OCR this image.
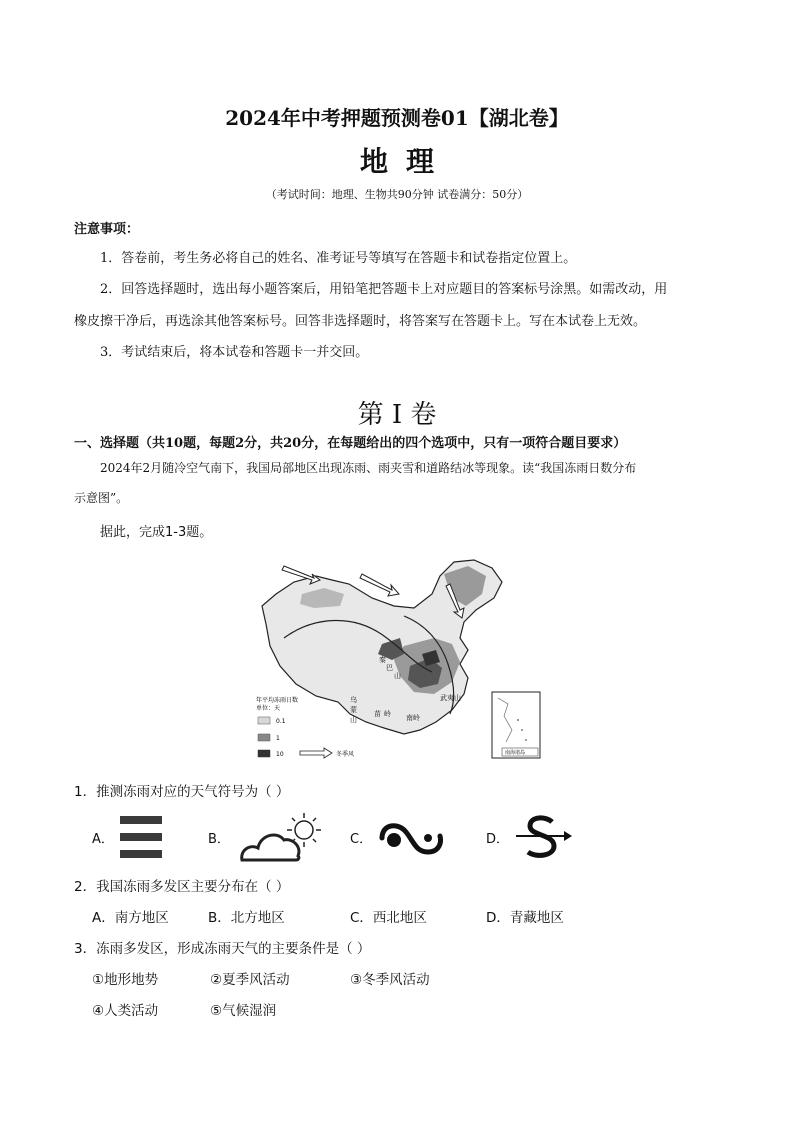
2024年中考押题预测卷01【湖北卷】
地理
（考试时间：地理、生物共90分钟 试卷满分：50分）
注意事项：
1．答卷前，考生务必将自己的姓名、准考证号等填写在答题卡和试卷指定位置上。
2．回答选择题时，选出每小题答案后，用铅笔把答题卡上对应题目的答案标号涂黑。如需改动，用
橡皮擦干净后，再选涂其他答案标号。回答非选择题时，将答案写在答题卡上。写在本试卷上无效。
3．考试结束后，将本试卷和答题卡一并交回。
第 I 卷
一、选择题（共10题，每题2分，共20分，在每题给出的四个选项中，只有一项符合题目要求）
2024年2月随冷空气南下，我国局部地区出现冻雨、雨夹雪和道路结冰等现象。读“我国冻雨日数分布
示意图”。
据此，完成1-3题。
秦
巴
山
乌
蒙
山
苗 岭 南岭
武夷山
年平均冻雨日数
单位：天
0.1
1
10	冬季风	南海诸岛
1．推测冻雨对应的天气符号为（ ）
A．	B．	C．	D．
2．我国冻雨多发区主要分布在（ ）
A．南方地区	B．北方地区	C．西北地区	D．青藏地区
3．冻雨多发区，形成冻雨天气的主要条件是（ ）
①地形地势	②夏季风活动	③冬季风活动
④人类活动	⑤气候湿润
